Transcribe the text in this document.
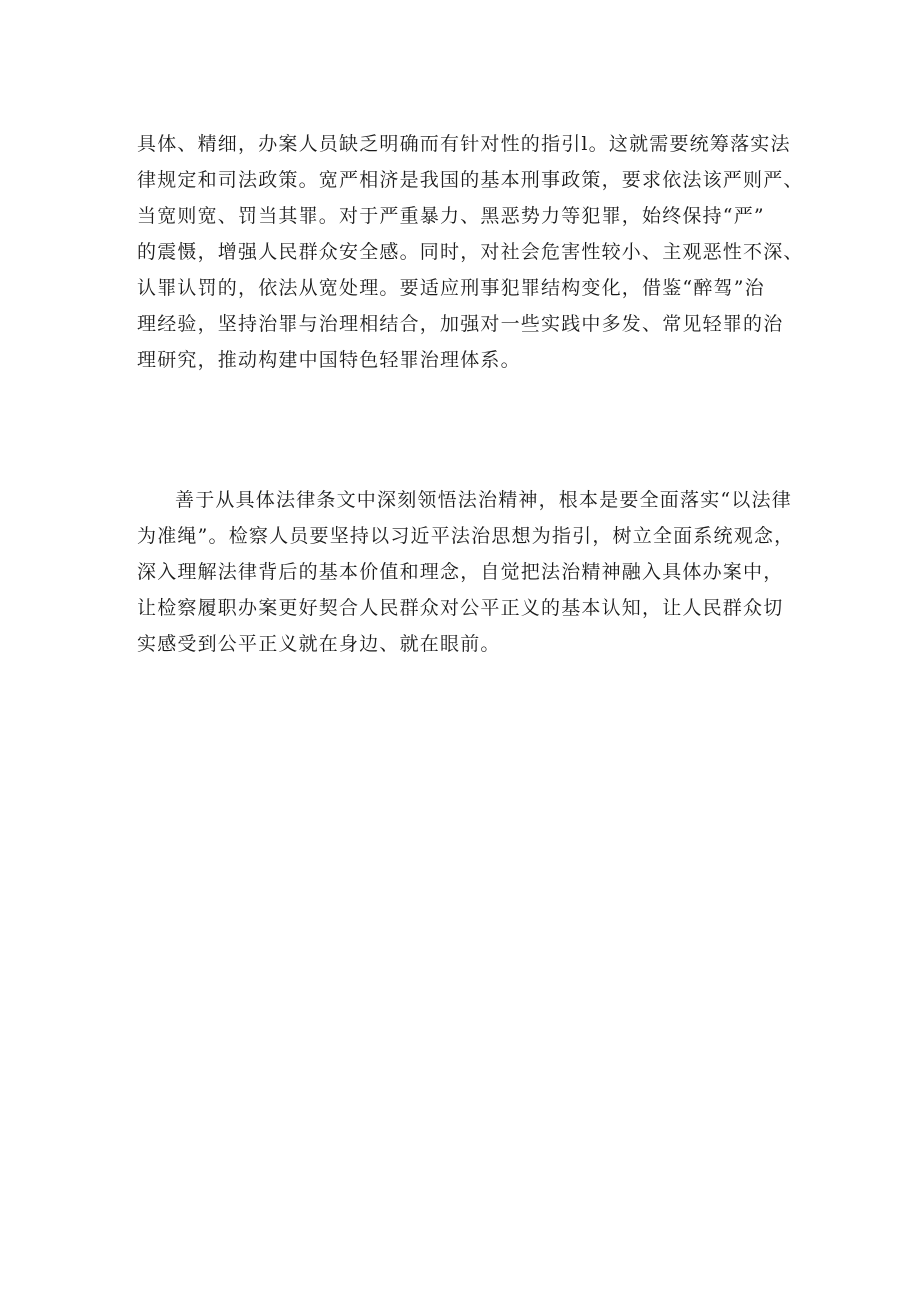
具体、精细，办案人员缺乏明确而有针对性的指引l。这就需要统筹落实法
律规定和司法政策。宽严相济是我国的基本刑事政策，要求依法该严则严、
当宽则宽、罚当其罪。对于严重暴力、黑恶势力等犯罪，始终保持“严”
的震慑，增强人民群众安全感。同时，对社会危害性较小、主观恶性不深、
认罪认罚的，依法从宽处理。要适应刑事犯罪结构变化，借鉴“醉驾”治
理经验，坚持治罪与治理相结合，加强对一些实践中多发、常见轻罪的治
理研究，推动构建中国特色轻罪治理体系。
善于从具体法律条文中深刻领悟法治精神，根本是要全面落实“以法律
为准绳”。检察人员要坚持以习近平法治思想为指引，树立全面系统观念，
深入理解法律背后的基本价值和理念，自觉把法治精神融入具体办案中，
让检察履职办案更好契合人民群众对公平正义的基本认知，让人民群众切
实感受到公平正义就在身边、就在眼前。
